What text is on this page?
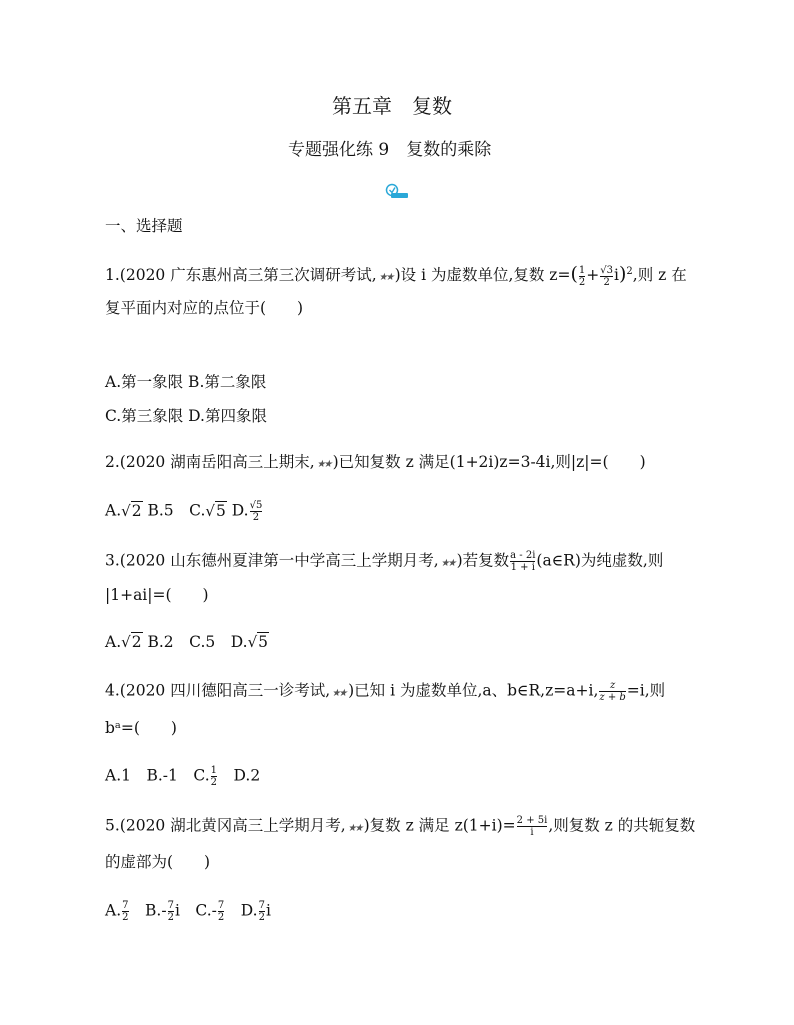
第五章　复数
专题强化练 9　复数的乘除
一、选择题
1.(2020 广东惠州高三第三次调研考试,★★)设 i 为虚数单位,复数 $z=( \frac{1}{2} + \frac{√3}{2} i)^2$,则 z 在
复平面内对应的点位于(　　)
A.第一象限 B.第二象限
C.第三象限 D.第四象限
2.(2020 湖南岳阳高三上期末,★★)已知复数 z 满足(1+2i)z=3-4i,则|z|=(　　)
A.√2 B.5　C.√5 D. $\frac{√5}{2}$
3.(2020 山东德州夏津第一中学高三上学期月考,★★)若复数 $\frac{a - 2i}{1 + i}$ (a∈R)为纯虚数,则
|1+ai|=(　　)
A.√2 B.2　C.5　D.√5
4.(2020 四川德阳高三一诊考试,★★)已知 i 为虚数单位,a、b∈R,z=a+i, $\frac{z}{z + b} =i$,则
bᵃ=(　　)
A.1　B.-1　C. $\frac{1}{2}$ 　D.2
5.(2020 湖北黄冈高三上学期月考,★★)复数 z 满足 $z(1+i)= \frac{2 + 5i}{i}$ ,则复数 z 的共轭复数
的虚部为(　　)
A. $\frac{7}{2}$ 　$B.- \frac{7}{2}$ i　$C.- \frac{7}{2}$ 　D. $\frac{7}{2}$ i
